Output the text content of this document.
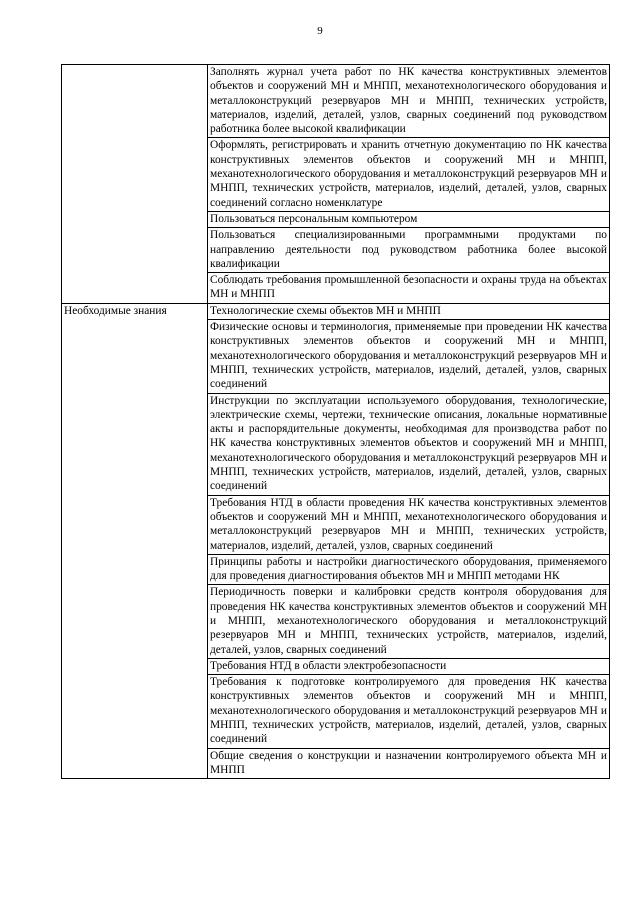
9
	Заполнять журнал учета работ по НК качества конструктивных элементов объектов и сооружений МН и МНПП, механотехнологического оборудования и металлоконструкций резервуаров МН и МНПП, технических устройств, материалов, изделий, деталей, узлов, сварных соединений под руководством работника более высокой квалификации
	Оформлять, регистрировать и хранить отчетную документацию по НК качества конструктивных элементов объектов и сооружений МН и МНПП, механотехнологического оборудования и металлоконструкций резервуаров МН и МНПП, технических устройств, материалов, изделий, деталей, узлов, сварных соединений согласно номенклатуре
	Пользоваться персональным компьютером
	Пользоваться специализированными программными продуктами по направлению деятельности под руководством работника более высокой квалификации
	Соблюдать требования промышленной безопасности и охраны труда на объектах МН и МНПП
Необходимые знания	Технологические схемы объектов МН и МНПП
	Физические основы и терминология, применяемые при проведении НК качества конструктивных элементов объектов и сооружений МН и МНПП, механотехнологического оборудования и металлоконструкций резервуаров МН и МНПП, технических устройств, материалов, изделий, деталей, узлов, сварных соединений
	Инструкции по эксплуатации используемого оборудования, технологические, электрические схемы, чертежи, технические описания, локальные нормативные акты и распорядительные документы, необходимая для производства работ по НК качества конструктивных элементов объектов и сооружений МН и МНПП, механотехнологического оборудования и металлоконструкций резервуаров МН и МНПП, технических устройств, материалов, изделий, деталей, узлов, сварных соединений
	Требования НТД в области проведения НК качества конструктивных элементов объектов и сооружений МН и МНПП, механотехнологического оборудования и металлоконструкций резервуаров МН и МНПП, технических устройств, материалов, изделий, деталей, узлов, сварных соединений
	Принципы работы и настройки диагностического оборудования, применяемого для проведения диагностирования объектов МН и МНПП методами НК
	Периодичность поверки и калибровки средств контроля оборудования для проведения НК качества конструктивных элементов объектов и сооружений МН и МНПП, механотехнологического оборудования и металлоконструкций резервуаров МН и МНПП, технических устройств, материалов, изделий, деталей, узлов, сварных соединений
	Требования НТД в области электробезопасности
	Требования к подготовке контролируемого для проведения НК качества конструктивных элементов объектов и сооружений МН и МНПП, механотехнологического оборудования и металлоконструкций резервуаров МН и МНПП, технических устройств, материалов, изделий, деталей, узлов, сварных соединений
	Общие сведения о конструкции и назначении контролируемого объекта МН и МНПП
